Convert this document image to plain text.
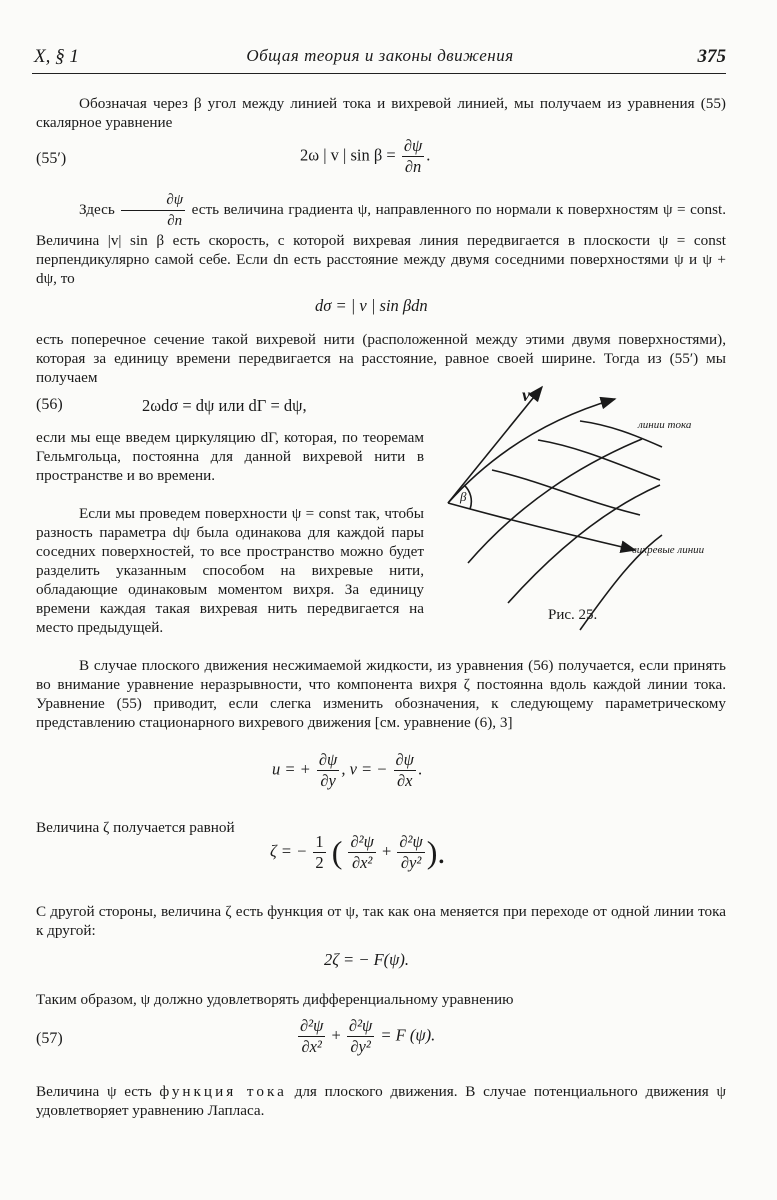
X, § 1	Общая теория и законы движения	375
Обозначая через β угол между линией тока и вихревой линией, мы получаем из уравнения (55) скалярное уравнение
(55′)	2ω | v | $\sin \beta = \frac{\partial\psi}{\partial n}$ .
Здесь $\frac{\partial\psi}{\partial n}$ есть величина градиента ψ, направленного по нормали к поверхностям ψ = const. Величина |v| sin β есть скорость, с которой вихревая линия передвигается в плоскости ψ = const перпендикулярно самой себе. Если dn есть расстояние между двумя соседними поверхностями ψ и ψ + dψ, то
dσ = | v | sin βdn
есть поперечное сечение такой вихревой нити (расположенной между этими двумя поверхностями), которая за единицу времени передвигается на расстояние, равное своей ширине. Тогда из (55′) мы получаем
(56)	2ωdσ = dψ или dΓ = dψ,
если мы еще введем циркуляцию dΓ, которая, по теоремам Гельмгольца, постоянна для данной вихревой нити в пространстве и во времени.
Если мы проведем поверхности ψ = const так, чтобы разность параметра dψ была одинакова для каждой пары соседних поверхностей, то все пространство можно будет разделить указанным способом на вихревые нити, обладающие одинаковым моментом вихря. За единицу времени каждая такая вихревая нить передвигается на место предыдущей.
v
β
линии тока
вихревые линии
Рис. 25.
В случае плоского движения несжимаемой жидкости, из уравнения (56) получается, если принять во внимание уравнение неразрывности, что компонента вихря ζ постоянна вдоль каждой линии тока. Уравнение (55) приводит, если слегка изменить обозначения, к следующему параметрическому представлению стационарного вихревого движения [см. уравнение (6), 3]
u = + $\frac{\partial\psi}{\partial y}$ , v = − $\frac{\partial\psi}{\partial x}$ .
Величина ζ получается равной
ζ = − $\frac{1}{2}$ ( $\frac{\text{∂²ψ}}{\text{∂x²}} + \frac{\text{∂²ψ}}{\text{∂y²}}$ ).
С другой стороны, величина ζ есть функция от ψ, так как она меняется при переходе от одной линии тока к другой:
2ζ = − F(ψ).
Таким образом, ψ должно удовлетворять дифференциальному уравнению
(57)	$\frac{\text{∂²ψ}}{\text{∂x²}} + \frac{\text{∂²ψ}}{\text{∂y²}} = F$ (ψ).
Величина ψ есть функция тока для плоского движения. В случае потенциального движения ψ удовлетворяет уравнению Лапласа.
